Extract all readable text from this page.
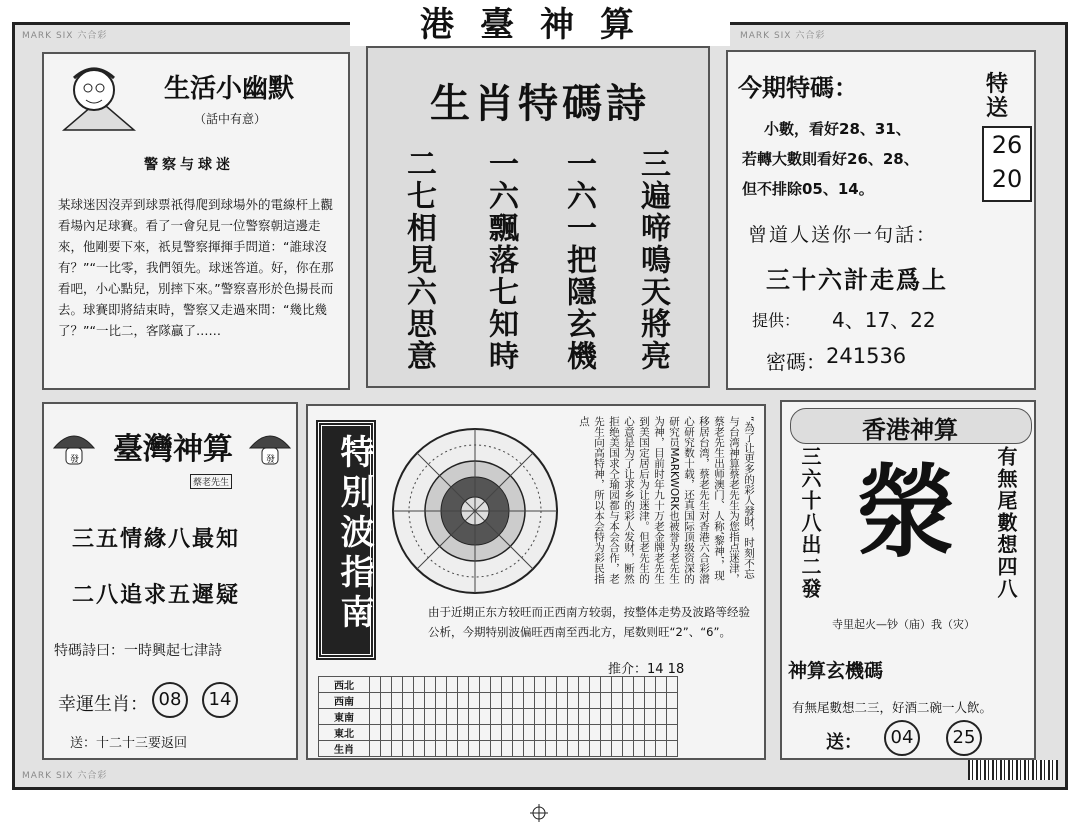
MARK SIX 六合彩	MARK SIX 六合彩
MARK SIX 六合彩
港臺神算
生活小幽默
（話中有意）
警察与球迷
某球迷因沒弄到球票祇得爬到球場外的電線杆上觀看場內足球賽。看了一會兒見一位警察朝這邊走來，他剛要下來，祇見警察揮揮手問道：“誰球沒有？”“一比零，我們領先。球迷答道。好，你在那看吧，小心點兒，別摔下來。”警察喜形於色揚長而去。球賽即將結束時，警察又走過來問：“幾比幾了？”“一比二，客隊贏了……
生肖特碼詩
三遍啼鳴天將亮
一六一把隱玄機
一六飄落七知時
二七相見六思意
今期特碼：
小數，看好28、31、
若轉大數則看好26、28、
但不排除05、14。
特送
26
20
曾道人送你一句話：
三十六計走爲上
提供： 4、17、22
密碼： 241536
發	發
臺灣神算
蔡老先生
三五情緣八最知
二八追求五遲疑
特碼詩曰：一時興起七津詩
幸運生肖： 08	14
送：十二十三要返回
特別波指南	“為了让更多的彩人發財，时刻不忘与台湾神算蔡老先生为您指点迷津，蔡老先生出师澳门、人称‘黎神’，现移居台湾，蔡老先生对香港六合彩潜心研究数十载，还真国际顶级资深的研究员MARKWORK也被誉为老先生为神，目前时年九十万老金牌老先生到美国定居后为让迷津。但老先生的心意是为了让求乡的彩人发财，断然拒绝美国求仝瑜园都与本会合作，老先生向高特神，所以本会特为彩民指点
由于近期正东方较旺而正西南方较弱，按整体走势及波路等经验公析，今期特别波偏旺西南至西北方，尾数则旺“2”、“6”。
推介：14 18
西北																												
西南																												
東南																												
東北																												
生肖																												
香港神算
三六十八出二發 滎 有無尾數想四八
寺里起火—钞（庙）我（灾）
神算玄機碼
有無尾數想二三，好酒二碗一人飲。
送：	04	25
